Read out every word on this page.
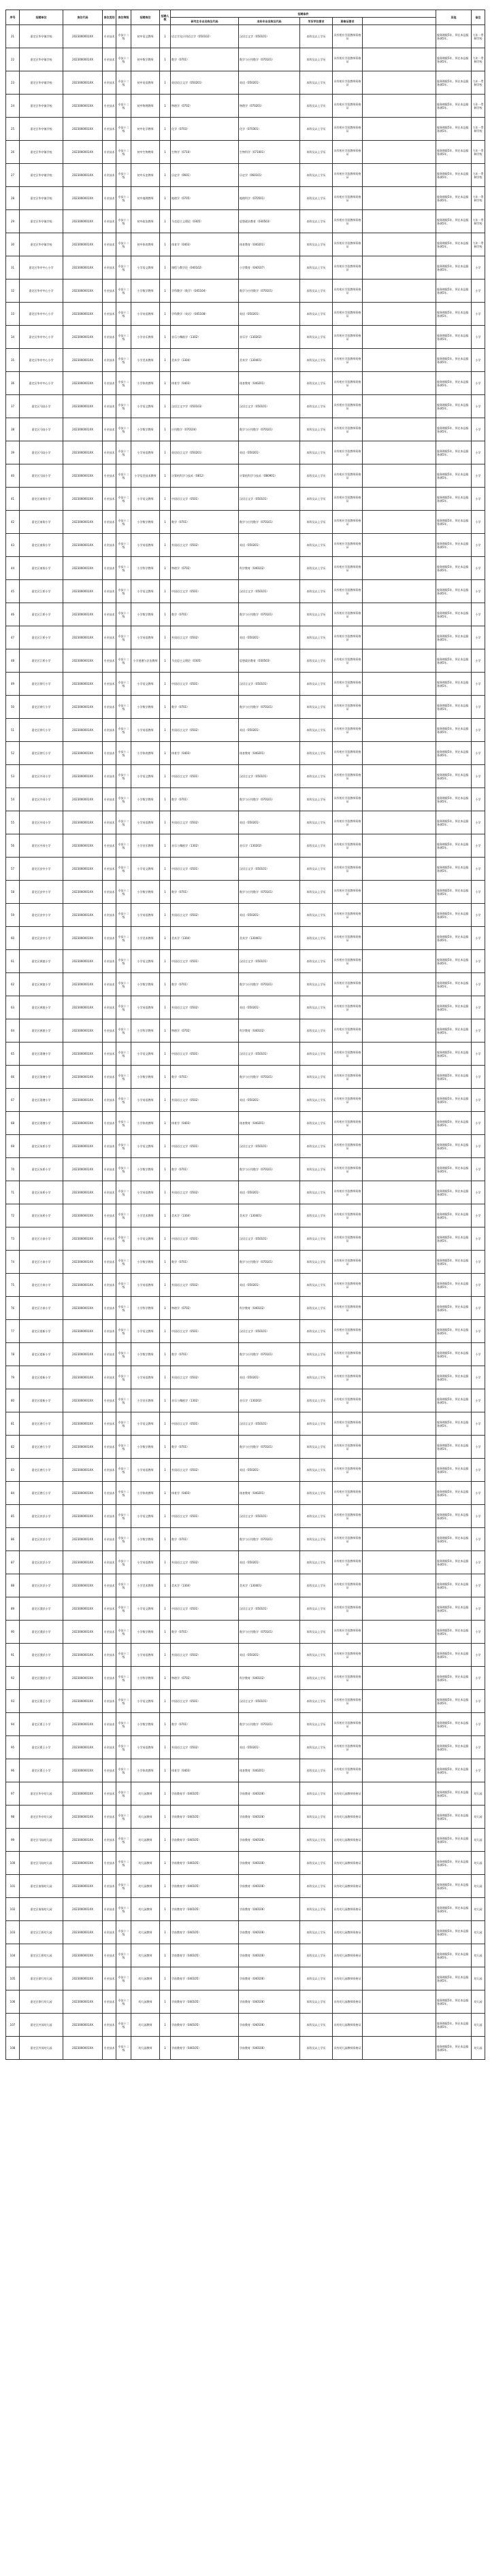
序号	招聘单位	岗位代码	岗位类别	岗位等级	招聘岗位	招聘人数	招聘条件					其他	备注
							研究生专业名称及代码	本科专业名称及代码	学历学位要求	资格证要求			
21	嘉定区华亭镇学校	2023000001XX	专业技术	专技十二级	初中语文教师	1	语言学及应用语言学（050102）	汉语言文学（050101）	本科及以上学历	具有相应学段教师资格证		服务期限5年，须在本县服务满5年。	九年一贯制学校
22	嘉定区华亭镇学校	2023000001XX	专业技术	专技十二级	初中数学教师	1	数学（0701）	数学与应用数学（070101）	本科及以上学历	具有相应学段教师资格证		服务期限5年，须在本县服务满5年。	九年一贯制学校
23	嘉定区华亭镇学校	2023000001XX	专业技术	专技十二级	初中英语教师	1	英语语言文学（050201）	英语（050201）	本科及以上学历	具有相应学段教师资格证		服务期限5年，须在本县服务满5年。	九年一贯制学校
24	嘉定区华亭镇学校	2023000001XX	专业技术	专技十二级	初中物理教师	1	物理学（0702）	物理学（070201）	本科及以上学历	具有相应学段教师资格证		服务期限5年，须在本县服务满5年。	九年一贯制学校
25	嘉定区华亭镇学校	2023000001XX	专业技术	专技十二级	初中化学教师	1	化学（0703）	化学（070301）	本科及以上学历	具有相应学段教师资格证		服务期限5年，须在本县服务满5年。	九年一贯制学校
26	嘉定区华亭镇学校	2023000001XX	专业技术	专技十二级	初中生物教师	1	生物学（0710）	生物科学（071001）	本科及以上学历	具有相应学段教师资格证		服务期限5年，须在本县服务满5年。	九年一贯制学校
27	嘉定区华亭镇学校	2023000001XX	专业技术	专技十二级	初中历史教师	1	历史学（0601）	历史学（060101）	本科及以上学历	具有相应学段教师资格证		服务期限5年，须在本县服务满5年。	九年一贯制学校
28	嘉定区华亭镇学校	2023000001XX	专业技术	专技十二级	初中地理教师	1	地理学（0705）	地理科学（070501）	本科及以上学历	具有相应学段教师资格证		服务期限5年，须在本县服务满5年。	九年一贯制学校
29	嘉定区华亭镇学校	2023000001XX	专业技术	专技十二级	初中政治教师	1	马克思主义理论（0305）	思想政治教育（030503）	本科及以上学历	具有相应学段教师资格证		服务期限5年，须在本县服务满5年。	九年一贯制学校
30	嘉定区华亭镇学校	2023000001XX	专业技术	专技十二级	初中体育教师	1	体育学（0403）	体育教育（040201）	本科及以上学历	具有相应学段教师资格证		服务期限5年，须在本县服务满5年。	九年一贯制学校
31	嘉定区华亭中心小学	2023000001XX	专业技术	专技十二级	小学语文教师	1	课程与教学论（040102）	小学教育（040107）	本科及以上学历	具有相应学段教师资格证		服务期限5年，须在本县服务满5年。	小学
32	嘉定区华亭中心小学	2023000001XX	专业技术	专技十二级	小学数学教师	1	学科教学（数学）（045104）	数学与应用数学（070101）	本科及以上学历	具有相应学段教师资格证		服务期限5年，须在本县服务满5年。	小学
33	嘉定区华亭中心小学	2023000001XX	专业技术	专技十二级	小学英语教师	1	学科教学（英语）（045108）	英语（050201）	本科及以上学历	具有相应学段教师资格证		服务期限5年，须在本县服务满5年。	小学
34	嘉定区华亭中心小学	2023000001XX	专业技术	专技十二级	小学音乐教师	1	音乐与舞蹈学（1302）	音乐学（130202）	本科及以上学历	具有相应学段教师资格证		服务期限5年，须在本县服务满5年。	小学
35	嘉定区华亭中心小学	2023000001XX	专业技术	专技十二级	小学美术教师	1	美术学（1304）	美术学（130401）	本科及以上学历	具有相应学段教师资格证		服务期限5年，须在本县服务满5年。	小学
36	嘉定区华亭中心小学	2023000001XX	专业技术	专技十二级	小学体育教师	1	体育学（0403）	体育教育（040201）	本科及以上学历	具有相应学段教师资格证		服务期限5年，须在本县服务满5年。	小学
37	嘉定区马陆小学	2023000001XX	专业技术	专技十二级	小学语文教师	1	汉语言文字学（050103）	汉语言文学（050101）	本科及以上学历	具有相应学段教师资格证		服务期限5年，须在本县服务满5年。	小学
38	嘉定区马陆小学	2023000001XX	专业技术	专技十二级	小学数学教师	1	应用数学（070104）	数学与应用数学（070101）	本科及以上学历	具有相应学段教师资格证		服务期限5年，须在本县服务满5年。	小学
39	嘉定区马陆小学	2023000001XX	专业技术	专技十二级	小学英语教师	1	英语语言文学（050201）	英语（050201）	本科及以上学历	具有相应学段教师资格证		服务期限5年，须在本县服务满5年。	小学
40	嘉定区马陆小学	2023000001XX	专业技术	专技十二级	小学信息技术教师	1	计算机科学与技术（0812）	计算机科学与技术（080901）	本科及以上学历	具有相应学段教师资格证		服务期限5年，须在本县服务满5年。	小学
41	嘉定区南翔小学	2023000001XX	专业技术	专技十二级	小学语文教师	1	中国语言文学（0501）	汉语言文学（050101）	本科及以上学历	具有相应学段教师资格证		服务期限5年，须在本县服务满5年。	小学
42	嘉定区南翔小学	2023000001XX	专业技术	专技十二级	小学数学教师	1	数学（0701）	数学与应用数学（070101）	本科及以上学历	具有相应学段教师资格证		服务期限5年，须在本县服务满5年。	小学
43	嘉定区南翔小学	2023000001XX	专业技术	专技十二级	小学英语教师	1	外国语言文学（0502）	英语（050201）	本科及以上学历	具有相应学段教师资格证		服务期限5年，须在本县服务满5年。	小学
44	嘉定区南翔小学	2023000001XX	专业技术	专技十二级	小学科学教师	1	物理学（0702）	科学教育（040102）	本科及以上学历	具有相应学段教师资格证		服务期限5年，须在本县服务满5年。	小学
45	嘉定区江桥小学	2023000001XX	专业技术	专技十二级	小学语文教师	1	中国语言文学（0501）	汉语言文学（050101）	本科及以上学历	具有相应学段教师资格证		服务期限5年，须在本县服务满5年。	小学
46	嘉定区江桥小学	2023000001XX	专业技术	专技十二级	小学数学教师	1	数学（0701）	数学与应用数学（070101）	本科及以上学历	具有相应学段教师资格证		服务期限5年，须在本县服务满5年。	小学
47	嘉定区江桥小学	2023000001XX	专业技术	专技十二级	小学英语教师	1	外国语言文学（0502）	英语（050201）	本科及以上学历	具有相应学段教师资格证		服务期限5年，须在本县服务满5年。	小学
48	嘉定区江桥小学	2023000001XX	专业技术	专技十二级	小学道德与法治教师	1	马克思主义理论（0305）	思想政治教育（030503）	本科及以上学历	具有相应学段教师资格证		服务期限5年，须在本县服务满5年。	小学
49	嘉定区徐行小学	2023000001XX	专业技术	专技十二级	小学语文教师	1	中国语言文学（0501）	汉语言文学（050101）	本科及以上学历	具有相应学段教师资格证		服务期限5年，须在本县服务满5年。	小学
50	嘉定区徐行小学	2023000001XX	专业技术	专技十二级	小学数学教师	1	数学（0701）	数学与应用数学（070101）	本科及以上学历	具有相应学段教师资格证		服务期限5年，须在本县服务满5年。	小学
51	嘉定区徐行小学	2023000001XX	专业技术	专技十二级	小学英语教师	1	外国语言文学（0502）	英语（050201）	本科及以上学历	具有相应学段教师资格证		服务期限5年，须在本县服务满5年。	小学
52	嘉定区徐行小学	2023000001XX	专业技术	专技十二级	小学体育教师	1	体育学（0403）	体育教育（040201）	本科及以上学历	具有相应学段教师资格证		服务期限5年，须在本县服务满5年。	小学
53	嘉定区外冈小学	2023000001XX	专业技术	专技十二级	小学语文教师	1	中国语言文学（0501）	汉语言文学（050101）	本科及以上学历	具有相应学段教师资格证		服务期限5年，须在本县服务满5年。	小学
54	嘉定区外冈小学	2023000001XX	专业技术	专技十二级	小学数学教师	1	数学（0701）	数学与应用数学（070101）	本科及以上学历	具有相应学段教师资格证		服务期限5年，须在本县服务满5年。	小学
55	嘉定区外冈小学	2023000001XX	专业技术	专技十二级	小学英语教师	1	外国语言文学（0502）	英语（050201）	本科及以上学历	具有相应学段教师资格证		服务期限5年，须在本县服务满5年。	小学
56	嘉定区外冈小学	2023000001XX	专业技术	专技十二级	小学音乐教师	1	音乐与舞蹈学（1302）	音乐学（130202）	本科及以上学历	具有相应学段教师资格证		服务期限5年，须在本县服务满5年。	小学
57	嘉定区安亭小学	2023000001XX	专业技术	专技十二级	小学语文教师	1	中国语言文学（0501）	汉语言文学（050101）	本科及以上学历	具有相应学段教师资格证		服务期限5年，须在本县服务满5年。	小学
58	嘉定区安亭小学	2023000001XX	专业技术	专技十二级	小学数学教师	1	数学（0701）	数学与应用数学（070101）	本科及以上学历	具有相应学段教师资格证		服务期限5年，须在本县服务满5年。	小学
59	嘉定区安亭小学	2023000001XX	专业技术	专技十二级	小学英语教师	1	外国语言文学（0502）	英语（050201）	本科及以上学历	具有相应学段教师资格证		服务期限5年，须在本县服务满5年。	小学
60	嘉定区安亭小学	2023000001XX	专业技术	专技十二级	小学美术教师	1	美术学（1304）	美术学（130401）	本科及以上学历	具有相应学段教师资格证		服务期限5年，须在本县服务满5年。	小学
61	嘉定区黄渡小学	2023000001XX	专业技术	专技十二级	小学语文教师	1	中国语言文学（0501）	汉语言文学（050101）	本科及以上学历	具有相应学段教师资格证		服务期限5年，须在本县服务满5年。	小学
62	嘉定区黄渡小学	2023000001XX	专业技术	专技十二级	小学数学教师	1	数学（0701）	数学与应用数学（070101）	本科及以上学历	具有相应学段教师资格证		服务期限5年，须在本县服务满5年。	小学
63	嘉定区黄渡小学	2023000001XX	专业技术	专技十二级	小学英语教师	1	外国语言文学（0502）	英语（050201）	本科及以上学历	具有相应学段教师资格证		服务期限5年，须在本县服务满5年。	小学
64	嘉定区黄渡小学	2023000001XX	专业技术	专技十二级	小学科学教师	1	物理学（0702）	科学教育（040102）	本科及以上学历	具有相应学段教师资格证		服务期限5年，须在本县服务满5年。	小学
65	嘉定区娄塘小学	2023000001XX	专业技术	专技十二级	小学语文教师	1	中国语言文学（0501）	汉语言文学（050101）	本科及以上学历	具有相应学段教师资格证		服务期限5年，须在本县服务满5年。	小学
66	嘉定区娄塘小学	2023000001XX	专业技术	专技十二级	小学数学教师	1	数学（0701）	数学与应用数学（070101）	本科及以上学历	具有相应学段教师资格证		服务期限5年，须在本县服务满5年。	小学
67	嘉定区娄塘小学	2023000001XX	专业技术	专技十二级	小学英语教师	1	外国语言文学（0502）	英语（050201）	本科及以上学历	具有相应学段教师资格证		服务期限5年，须在本县服务满5年。	小学
68	嘉定区娄塘小学	2023000001XX	专业技术	专技十二级	小学体育教师	1	体育学（0403）	体育教育（040201）	本科及以上学历	具有相应学段教师资格证		服务期限5年，须在本县服务满5年。	小学
69	嘉定区朱桥小学	2023000001XX	专业技术	专技十二级	小学语文教师	1	中国语言文学（0501）	汉语言文学（050101）	本科及以上学历	具有相应学段教师资格证		服务期限5年，须在本县服务满5年。	小学
70	嘉定区朱桥小学	2023000001XX	专业技术	专技十二级	小学数学教师	1	数学（0701）	数学与应用数学（070101）	本科及以上学历	具有相应学段教师资格证		服务期限5年，须在本县服务满5年。	小学
71	嘉定区朱桥小学	2023000001XX	专业技术	专技十二级	小学英语教师	1	外国语言文学（0502）	英语（050201）	本科及以上学历	具有相应学段教师资格证		服务期限5年，须在本县服务满5年。	小学
72	嘉定区朱桥小学	2023000001XX	专业技术	专技十二级	小学美术教师	1	美术学（1304）	美术学（130401）	本科及以上学历	具有相应学段教师资格证		服务期限5年，须在本县服务满5年。	小学
73	嘉定区方泰小学	2023000001XX	专业技术	专技十二级	小学语文教师	1	中国语言文学（0501）	汉语言文学（050101）	本科及以上学历	具有相应学段教师资格证		服务期限5年，须在本县服务满5年。	小学
74	嘉定区方泰小学	2023000001XX	专业技术	专技十二级	小学数学教师	1	数学（0701）	数学与应用数学（070101）	本科及以上学历	具有相应学段教师资格证		服务期限5年，须在本县服务满5年。	小学
75	嘉定区方泰小学	2023000001XX	专业技术	专技十二级	小学英语教师	1	外国语言文学（0502）	英语（050201）	本科及以上学历	具有相应学段教师资格证		服务期限5年，须在本县服务满5年。	小学
76	嘉定区方泰小学	2023000001XX	专业技术	专技十二级	小学科学教师	1	物理学（0702）	科学教育（040102）	本科及以上学历	具有相应学段教师资格证		服务期限5年，须在本县服务满5年。	小学
77	嘉定区望新小学	2023000001XX	专业技术	专技十二级	小学语文教师	1	中国语言文学（0501）	汉语言文学（050101）	本科及以上学历	具有相应学段教师资格证		服务期限5年，须在本县服务满5年。	小学
78	嘉定区望新小学	2023000001XX	专业技术	专技十二级	小学数学教师	1	数学（0701）	数学与应用数学（070101）	本科及以上学历	具有相应学段教师资格证		服务期限5年，须在本县服务满5年。	小学
79	嘉定区望新小学	2023000001XX	专业技术	专技十二级	小学英语教师	1	外国语言文学（0502）	英语（050201）	本科及以上学历	具有相应学段教师资格证		服务期限5年，须在本县服务满5年。	小学
80	嘉定区望新小学	2023000001XX	专业技术	专技十二级	小学音乐教师	1	音乐与舞蹈学（1302）	音乐学（130202）	本科及以上学历	具有相应学段教师资格证		服务期限5年，须在本县服务满5年。	小学
81	嘉定区唐行小学	2023000001XX	专业技术	专技十二级	小学语文教师	1	中国语言文学（0501）	汉语言文学（050101）	本科及以上学历	具有相应学段教师资格证		服务期限5年，须在本县服务满5年。	小学
82	嘉定区唐行小学	2023000001XX	专业技术	专技十二级	小学数学教师	1	数学（0701）	数学与应用数学（070101）	本科及以上学历	具有相应学段教师资格证		服务期限5年，须在本县服务满5年。	小学
83	嘉定区唐行小学	2023000001XX	专业技术	专技十二级	小学英语教师	1	外国语言文学（0502）	英语（050201）	本科及以上学历	具有相应学段教师资格证		服务期限5年，须在本县服务满5年。	小学
84	嘉定区唐行小学	2023000001XX	专业技术	专技十二级	小学体育教师	1	体育学（0403）	体育教育（040201）	本科及以上学历	具有相应学段教师资格证		服务期限5年，须在本县服务满5年。	小学
85	嘉定区封浜小学	2023000001XX	专业技术	专技十二级	小学语文教师	1	中国语言文学（0501）	汉语言文学（050101）	本科及以上学历	具有相应学段教师资格证		服务期限5年，须在本县服务满5年。	小学
86	嘉定区封浜小学	2023000001XX	专业技术	专技十二级	小学数学教师	1	数学（0701）	数学与应用数学（070101）	本科及以上学历	具有相应学段教师资格证		服务期限5年，须在本县服务满5年。	小学
87	嘉定区封浜小学	2023000001XX	专业技术	专技十二级	小学英语教师	1	外国语言文学（0502）	英语（050201）	本科及以上学历	具有相应学段教师资格证		服务期限5年，须在本县服务满5年。	小学
88	嘉定区封浜小学	2023000001XX	专业技术	专技十二级	小学美术教师	1	美术学（1304）	美术学（130401）	本科及以上学历	具有相应学段教师资格证		服务期限5年，须在本县服务满5年。	小学
89	嘉定区戬浜小学	2023000001XX	专业技术	专技十二级	小学语文教师	1	中国语言文学（0501）	汉语言文学（050101）	本科及以上学历	具有相应学段教师资格证		服务期限5年，须在本县服务满5年。	小学
90	嘉定区戬浜小学	2023000001XX	专业技术	专技十二级	小学数学教师	1	数学（0701）	数学与应用数学（070101）	本科及以上学历	具有相应学段教师资格证		服务期限5年，须在本县服务满5年。	小学
91	嘉定区戬浜小学	2023000001XX	专业技术	专技十二级	小学英语教师	1	外国语言文学（0502）	英语（050201）	本科及以上学历	具有相应学段教师资格证		服务期限5年，须在本县服务满5年。	小学
92	嘉定区戬浜小学	2023000001XX	专业技术	专技十二级	小学科学教师	1	物理学（0702）	科学教育（040102）	本科及以上学历	具有相应学段教师资格证		服务期限5年，须在本县服务满5年。	小学
93	嘉定区曹王小学	2023000001XX	专业技术	专技十二级	小学语文教师	1	中国语言文学（0501）	汉语言文学（050101）	本科及以上学历	具有相应学段教师资格证		服务期限5年，须在本县服务满5年。	小学
94	嘉定区曹王小学	2023000001XX	专业技术	专技十二级	小学数学教师	1	数学（0701）	数学与应用数学（070101）	本科及以上学历	具有相应学段教师资格证		服务期限5年，须在本县服务满5年。	小学
95	嘉定区曹王小学	2023000001XX	专业技术	专技十二级	小学英语教师	1	外国语言文学（0502）	英语（050201）	本科及以上学历	具有相应学段教师资格证		服务期限5年，须在本县服务满5年。	小学
96	嘉定区曹王小学	2023000001XX	专业技术	专技十二级	小学体育教师	1	体育学（0403）	体育教育（040201）	本科及以上学历	具有相应学段教师资格证		服务期限5年，须在本县服务满5年。	小学
97	嘉定区华亭幼儿园	2023000001XX	专业技术	专技十二级	幼儿园教师	1	学前教育学（040105）	学前教育（040106）	本科及以上学历	具有幼儿园教师资格证		服务期限5年，须在本县服务满5年。	幼儿园
98	嘉定区华亭幼儿园	2023000001XX	专业技术	专技十二级	幼儿园教师	1	学前教育学（040105）	学前教育（040106）	本科及以上学历	具有幼儿园教师资格证		服务期限5年，须在本县服务满5年。	幼儿园
99	嘉定区马陆幼儿园	2023000001XX	专业技术	专技十二级	幼儿园教师	1	学前教育学（040105）	学前教育（040106）	本科及以上学历	具有幼儿园教师资格证		服务期限5年，须在本县服务满5年。	幼儿园
100	嘉定区马陆幼儿园	2023000001XX	专业技术	专技十二级	幼儿园教师	1	学前教育学（040105）	学前教育（040106）	本科及以上学历	具有幼儿园教师资格证		服务期限5年，须在本县服务满5年。	幼儿园
101	嘉定区南翔幼儿园	2023000001XX	专业技术	专技十二级	幼儿园教师	1	学前教育学（040105）	学前教育（040106）	本科及以上学历	具有幼儿园教师资格证		服务期限5年，须在本县服务满5年。	幼儿园
102	嘉定区南翔幼儿园	2023000001XX	专业技术	专技十二级	幼儿园教师	1	学前教育学（040105）	学前教育（040106）	本科及以上学历	具有幼儿园教师资格证		服务期限5年，须在本县服务满5年。	幼儿园
103	嘉定区江桥幼儿园	2023000001XX	专业技术	专技十二级	幼儿园教师	1	学前教育学（040105）	学前教育（040106）	本科及以上学历	具有幼儿园教师资格证		服务期限5年，须在本县服务满5年。	幼儿园
104	嘉定区江桥幼儿园	2023000001XX	专业技术	专技十二级	幼儿园教师	1	学前教育学（040105）	学前教育（040106）	本科及以上学历	具有幼儿园教师资格证		服务期限5年，须在本县服务满5年。	幼儿园
105	嘉定区徐行幼儿园	2023000001XX	专业技术	专技十二级	幼儿园教师	1	学前教育学（040105）	学前教育（040106）	本科及以上学历	具有幼儿园教师资格证		服务期限5年，须在本县服务满5年。	幼儿园
106	嘉定区徐行幼儿园	2023000001XX	专业技术	专技十二级	幼儿园教师	1	学前教育学（040105）	学前教育（040106）	本科及以上学历	具有幼儿园教师资格证		服务期限5年，须在本县服务满5年。	幼儿园
107	嘉定区外冈幼儿园	2023000001XX	专业技术	专技十二级	幼儿园教师	1	学前教育学（040105）	学前教育（040106）	本科及以上学历	具有幼儿园教师资格证		服务期限5年，须在本县服务满5年。	幼儿园
108	嘉定区外冈幼儿园	2023000001XX	专业技术	专技十二级	幼儿园教师	1	学前教育学（040105）	学前教育（040106）	本科及以上学历	具有幼儿园教师资格证		服务期限5年，须在本县服务满5年。	幼儿园
